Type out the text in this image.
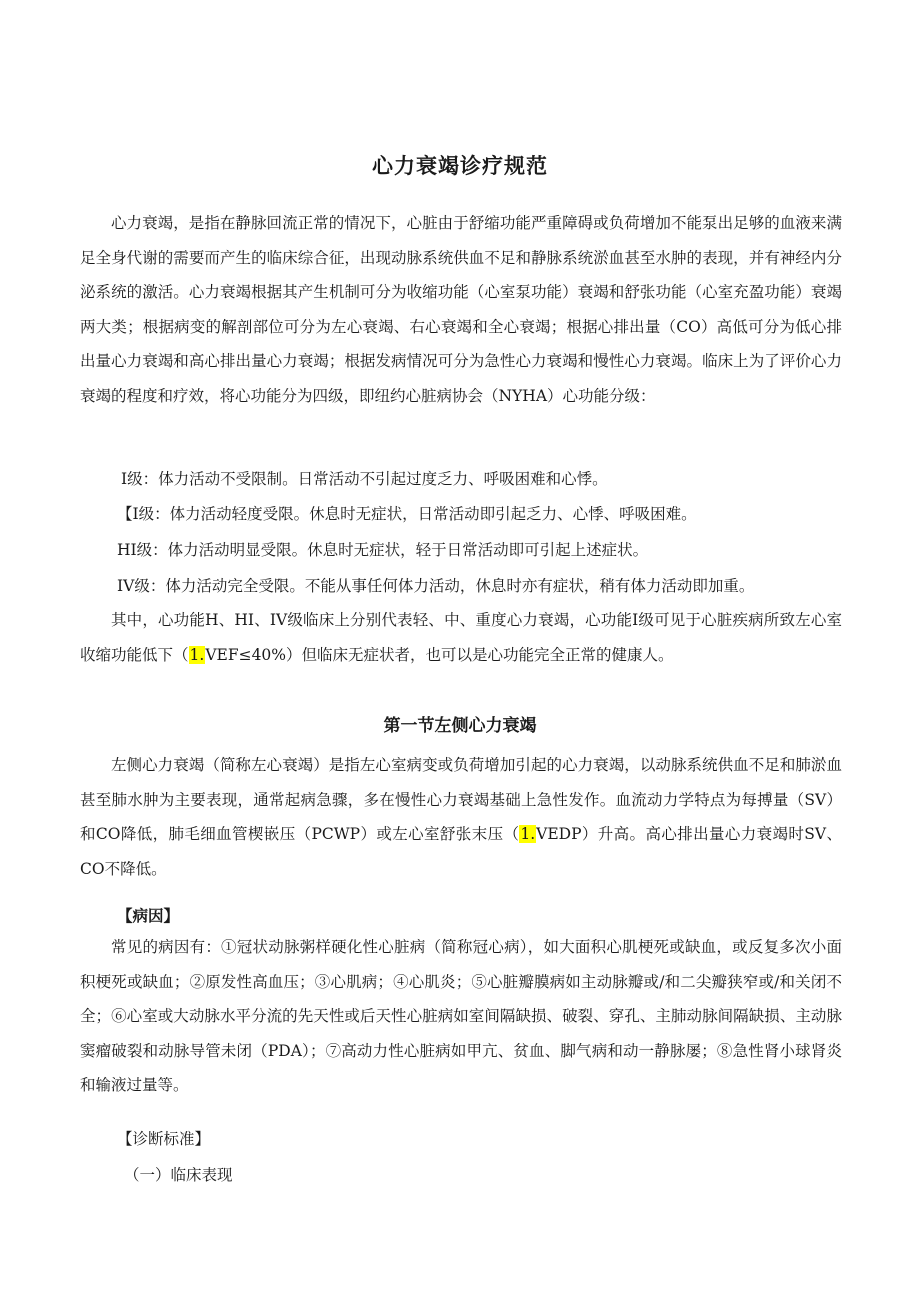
心力衰竭诊疗规范

心力衰竭，是指在静脉回流正常的情况下，心脏由于舒缩功能严重障碍或负荷增加不能泵出足够的血液来满足全身代谢的需要而产生的临床综合征，出现动脉系统供血不足和静脉系统淤血甚至水肿的表现，并有神经内分泌系统的激活。心力衰竭根据其产生机制可分为收缩功能（心室泵功能）衰竭和舒张功能（心室充盈功能）衰竭两大类；根据病变的解剖部位可分为左心衰竭、右心衰竭和全心衰竭；根据心排出量（CO）高低可分为低心排出量心力衰竭和高心排出量心力衰竭；根据发病情况可分为急性心力衰竭和慢性心力衰竭。临床上为了评价心力衰竭的程度和疗效，将心功能分为四级，即纽约心脏病协会（NYHA）心功能分级：

I级：体力活动不受限制。日常活动不引起过度乏力、呼吸困难和心悸。

【I级：体力活动轻度受限。休息时无症状，日常活动即引起乏力、心悸、呼吸困难。

HI级：体力活动明显受限。休息时无症状，轻于日常活动即可引起上述症状。

IV级：体力活动完全受限。不能从事任何体力活动，休息时亦有症状，稍有体力活动即加重。

其中，心功能H、HI、IV级临床上分别代表轻、中、重度心力衰竭，心功能I级可见于心脏疾病所致左心室收缩功能低下（1.VEF≤40%）但临床无症状者，也可以是心功能完全正常的健康人。

第一节左侧心力衰竭

左侧心力衰竭（简称左心衰竭）是指左心室病变或负荷增加引起的心力衰竭，以动脉系统供血不足和肺淤血甚至肺水肿为主要表现，通常起病急骤，多在慢性心力衰竭基础上急性发作。血流动力学特点为每搏量（SV）和CO降低，肺毛细血管楔嵌压（PCWP）或左心室舒张末压（1.VEDP）升高。高心排出量心力衰竭时SV、CO不降低。

【病因】

常见的病因有：①冠状动脉粥样硬化性心脏病（简称冠心病），如大面积心肌梗死或缺血，或反复多次小面积梗死或缺血；②原发性高血压；③心肌病；④心肌炎；⑤心脏瓣膜病如主动脉瓣或/和二尖瓣狭窄或/和关闭不全；⑥心室或大动脉水平分流的先天性或后天性心脏病如室间隔缺损、破裂、穿孔、主肺动脉间隔缺损、主动脉窦瘤破裂和动脉导管未闭（PDA）；⑦高动力性心脏病如甲亢、贫血、脚气病和动一静脉屡；⑧急性肾小球肾炎和输液过量等。

【诊断标准】

（一）临床表现
